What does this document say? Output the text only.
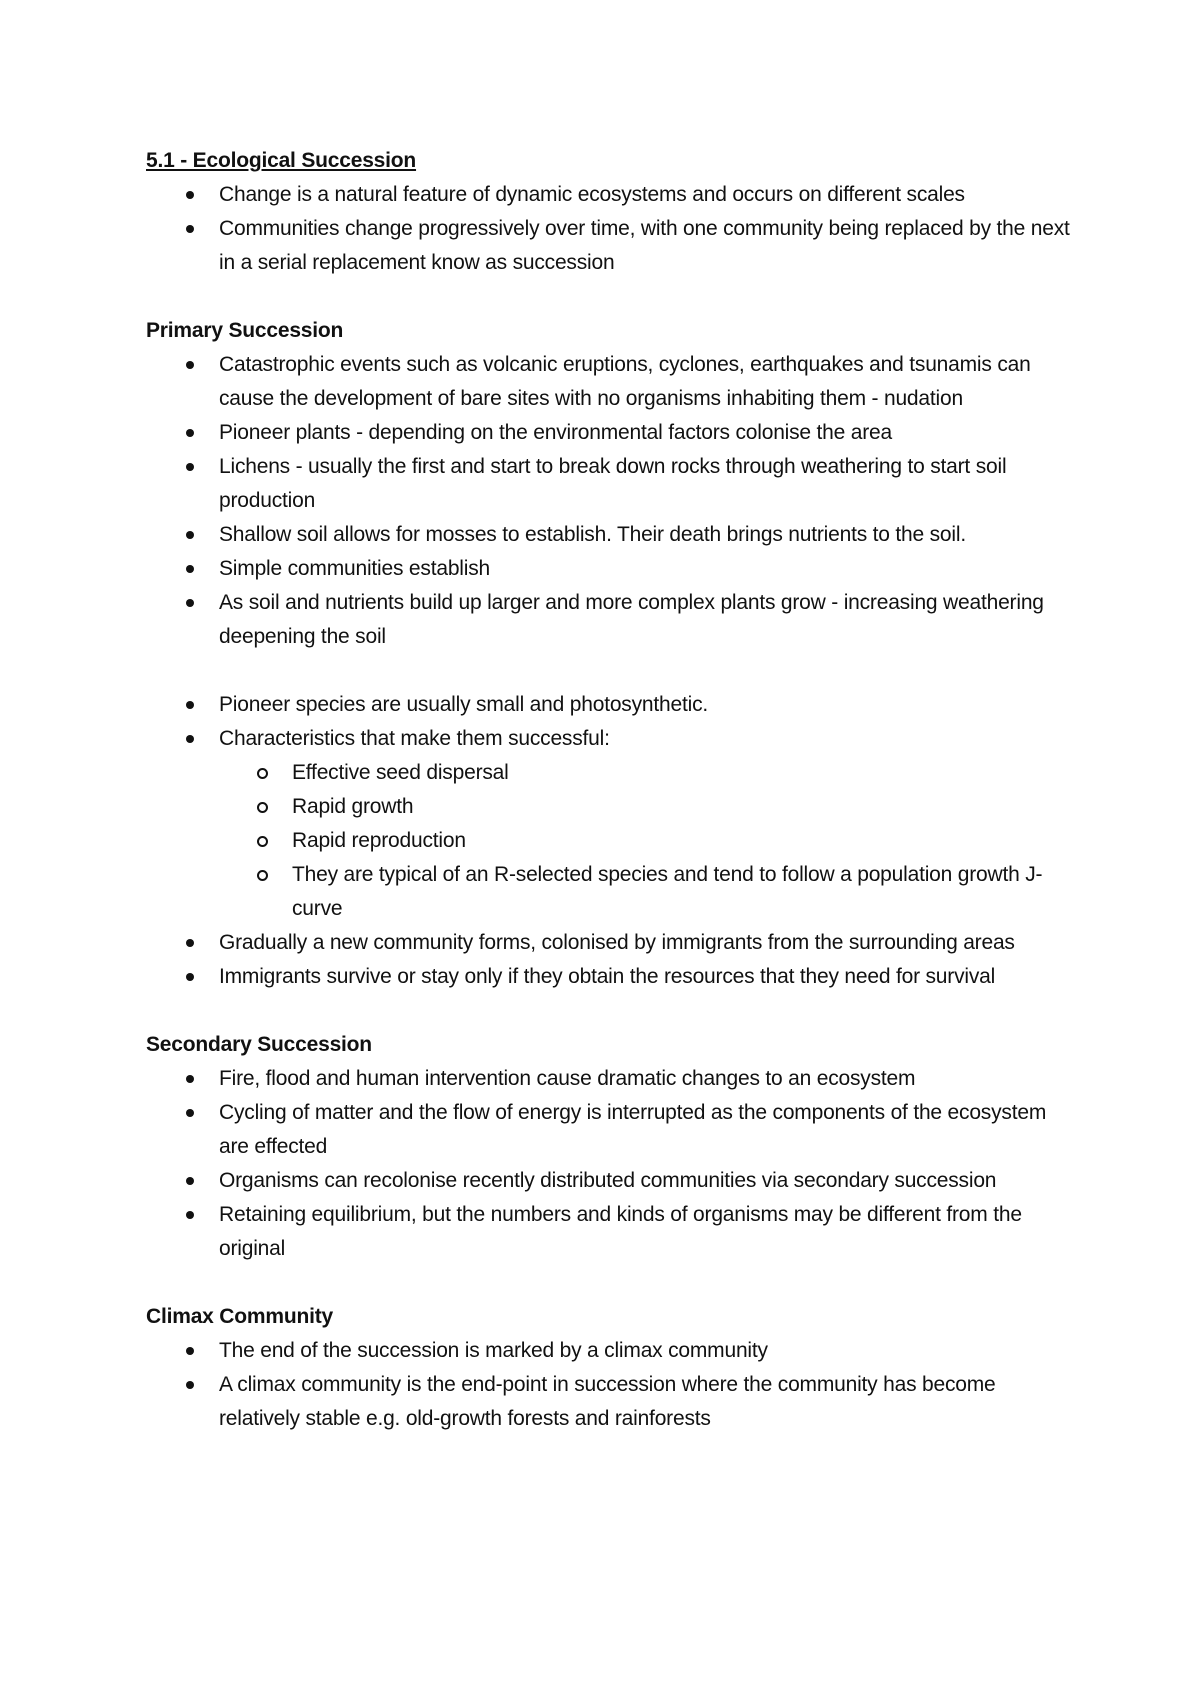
5.1 - Ecological Succession
Change is a natural feature of dynamic ecosystems and occurs on different scales
Communities change progressively over time, with one community being replaced by the next in a serial replacement know as succession
Primary Succession
Catastrophic events such as volcanic eruptions, cyclones, earthquakes and tsunamis can cause the development of bare sites with no organisms inhabiting them - nudation
Pioneer plants - depending on the environmental factors colonise the area
Lichens - usually the first and start to break down rocks through weathering to start soil production
Shallow soil allows for mosses to establish. Their death brings nutrients to the soil.
Simple communities establish
As soil and nutrients build up larger and more complex plants grow - increasing weathering deepening the soil
Pioneer species are usually small and photosynthetic.
Characteristics that make them successful:
Effective seed dispersal
Rapid growth
Rapid reproduction
They are typical of an R-selected species and tend to follow a population growth J-curve
Gradually a new community forms, colonised by immigrants from the surrounding areas
Immigrants survive or stay only if they obtain the resources that they need for survival
Secondary Succession
Fire, flood and human intervention cause dramatic changes to an ecosystem
Cycling of matter and the flow of energy is interrupted as the components of the ecosystem are effected
Organisms can recolonise recently distributed communities via secondary succession
Retaining equilibrium, but the numbers and kinds of organisms may be different from the original
Climax Community
The end of the succession is marked by a climax community
A climax community is the end-point in succession where the community has become relatively stable e.g. old-growth forests and rainforests
